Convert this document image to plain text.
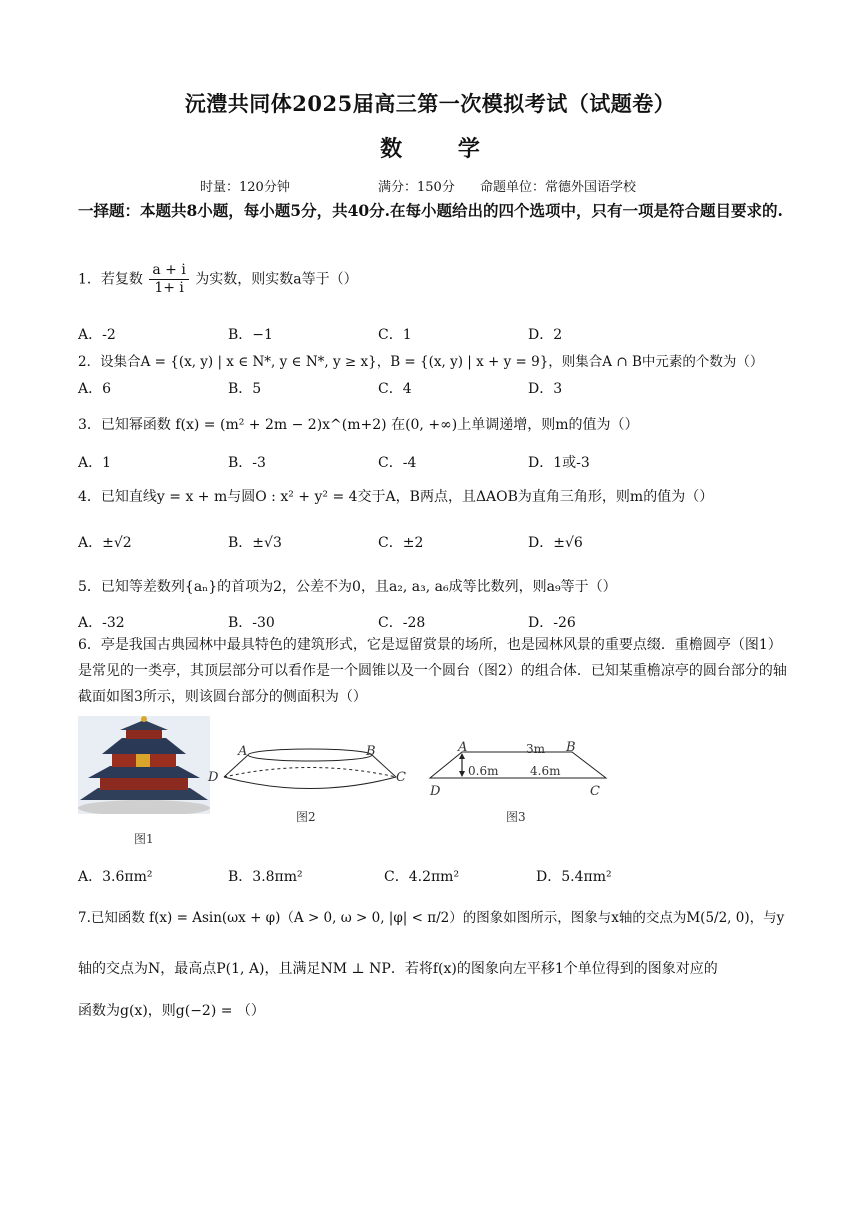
沅澧共同体2025届高三第一次模拟考试（试题卷）
数 学
时量：120分钟	满分：150分 命题单位：常德外国语学校
一择题：本题共8小题，每小题5分，共40分.在每小题给出的四个选项中，只有一项是符合题目要求的.
1．若复数 $\frac{a + i}{1+ i}$ 为实数，则实数a等于（）
A．-2	B．−1	C．1	D．2
2．设集合A = {(x, y) | x ∈ N*, y ∈ N*, y ≥ x}，B = {(x, y) | x + y = 9}，则集合A ∩ B中元素的个数为（）
A．6	B．5	C．4	D．3
3．已知幂函数 f(x) = (m² + 2m − 2)x^(m+2) 在(0, +∞)上单调递增，则m的值为（）
A．1	B．-3	C．-4	D．1或-3
4．已知直线y = x + m与圆O : x² + y² = 4交于A，B两点，且ΔAOB为直角三角形，则m的值为（）
A．±√2	B．±√3	C．±2	D．±√6
5．已知等差数列{aₙ}的首项为2，公差不为0，且a₂, a₃, a₆成等比数列，则a₉等于（）
A．-32	B．-30	C．-28	D．-26
6．亭是我国古典园林中最具特色的建筑形式，它是逗留赏景的场所，也是园林风景的重要点缀．重檐圆亭（图1）是常见的一类亭，其顶层部分可以看作是一个圆锥以及一个圆台（图2）的组合体．已知某重檐凉亭的圆台部分的轴截面如图3所示，则该圆台部分的侧面积为（）
图1
A	B
D	C
图2
A	B
D	C
3m
0.6m	4.6m
图3
A．3.6πm²	B．3.8πm²	C．4.2πm²	D．5.4πm²
7.已知函数 f(x) = Asin(ωx + φ)（A > 0, ω > 0, |φ| < π/2）的图象如图所示，图象与x轴的交点为M(5/2, 0)，与y
轴的交点为N，最高点P(1, A)，且满足NM ⊥ NP．若将f(x)的图象向左平移1个单位得到的图象对应的
函数为g(x)，则g(−2) = （）
